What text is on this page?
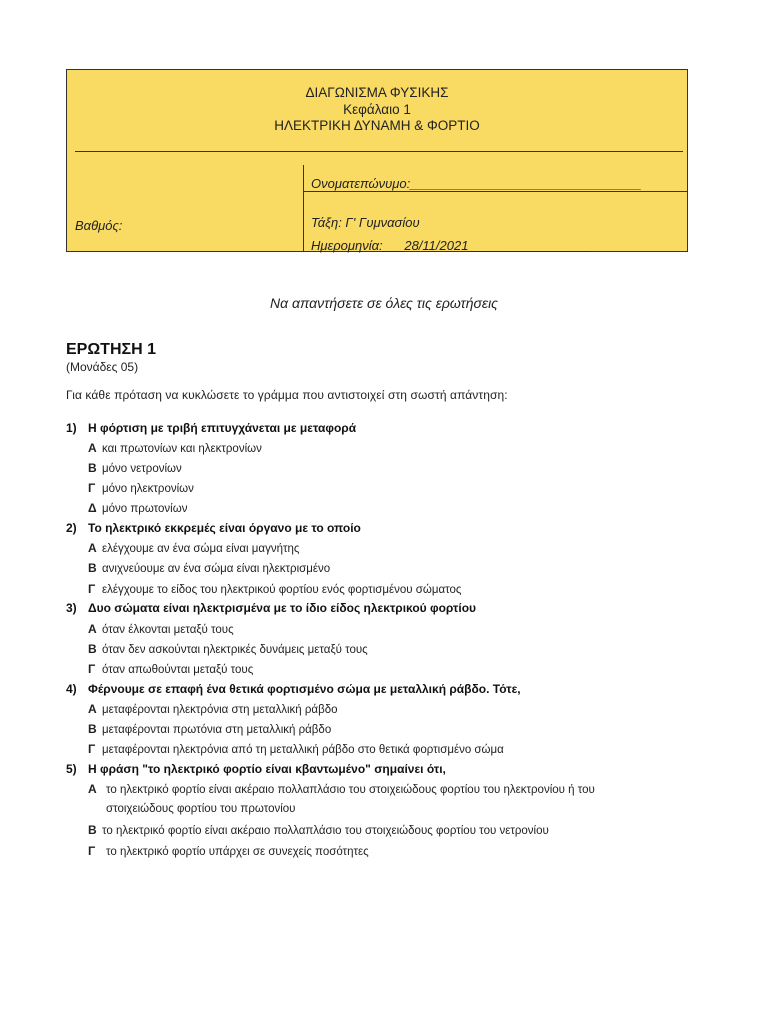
ΔΙΑΓΩΝΙΣΜΑ ΦΥΣΙΚΗΣ
Κεφάλαιο 1
ΗΛΕΚΤΡΙΚΗ ΔΥΝΑΜΗ & ΦΟΡΤΙΟ
Ονοματεπώνυμο:________________________________
Βαθμός:	Τάξη: Γ' Γυμνασίου
Ημερομηνία:___28/11/2021_________________
Να απαντήσετε σε όλες τις ερωτήσεις
ΕΡΩΤΗΣΗ 1
(Μονάδες 05)
Για κάθε πρόταση να κυκλώσετε το γράμμα που αντιστοιχεί στη σωστή απάντηση:
1) Η φόρτιση με τριβή επιτυγχάνεται με μεταφορά
Α και πρωτονίων και ηλεκτρονίων
Β μόνο νετρονίων
Γ μόνο ηλεκτρονίων
Δ μόνο πρωτονίων
2) Το ηλεκτρικό εκκρεμές είναι όργανο με το οποίο
Α ελέγχουμε αν ένα σώμα είναι μαγνήτης
Β ανιχνεύουμε αν ένα σώμα είναι ηλεκτρισμένο
Γ ελέγχουμε το είδος του ηλεκτρικού φορτίου ενός φορτισμένου σώματος
3) Δυο σώματα είναι ηλεκτρισμένα με το ίδιο είδος ηλεκτρικού φορτίου
Α όταν έλκονται μεταξύ τους
Β όταν δεν ασκούνται ηλεκτρικές δυνάμεις μεταξύ τους
Γ όταν απωθούνται μεταξύ τους
4) Φέρνουμε σε επαφή ένα θετικά φορτισμένο σώμα με μεταλλική ράβδο. Τότε,
Α μεταφέρονται ηλεκτρόνια στη μεταλλική ράβδο
Β μεταφέρονται πρωτόνια στη μεταλλική ράβδο
Γ μεταφέρονται ηλεκτρόνια από τη μεταλλική ράβδο στο θετικά φορτισμένο σώμα
5) Η φράση "το ηλεκτρικό φορτίο είναι κβαντωμένο" σημαίνει ότι,
Α το ηλεκτρικό φορτίο είναι ακέραιο πολλαπλάσιο του στοιχειώδους φορτίου του ηλεκτρονίου ή του
στοιχειώδους φορτίου του πρωτονίου
Β το ηλεκτρικό φορτίο είναι ακέραιο πολλαπλάσιο του στοιχειώδους φορτίου του νετρονίου
Γ το ηλεκτρικό φορτίο υπάρχει σε συνεχείς ποσότητες
